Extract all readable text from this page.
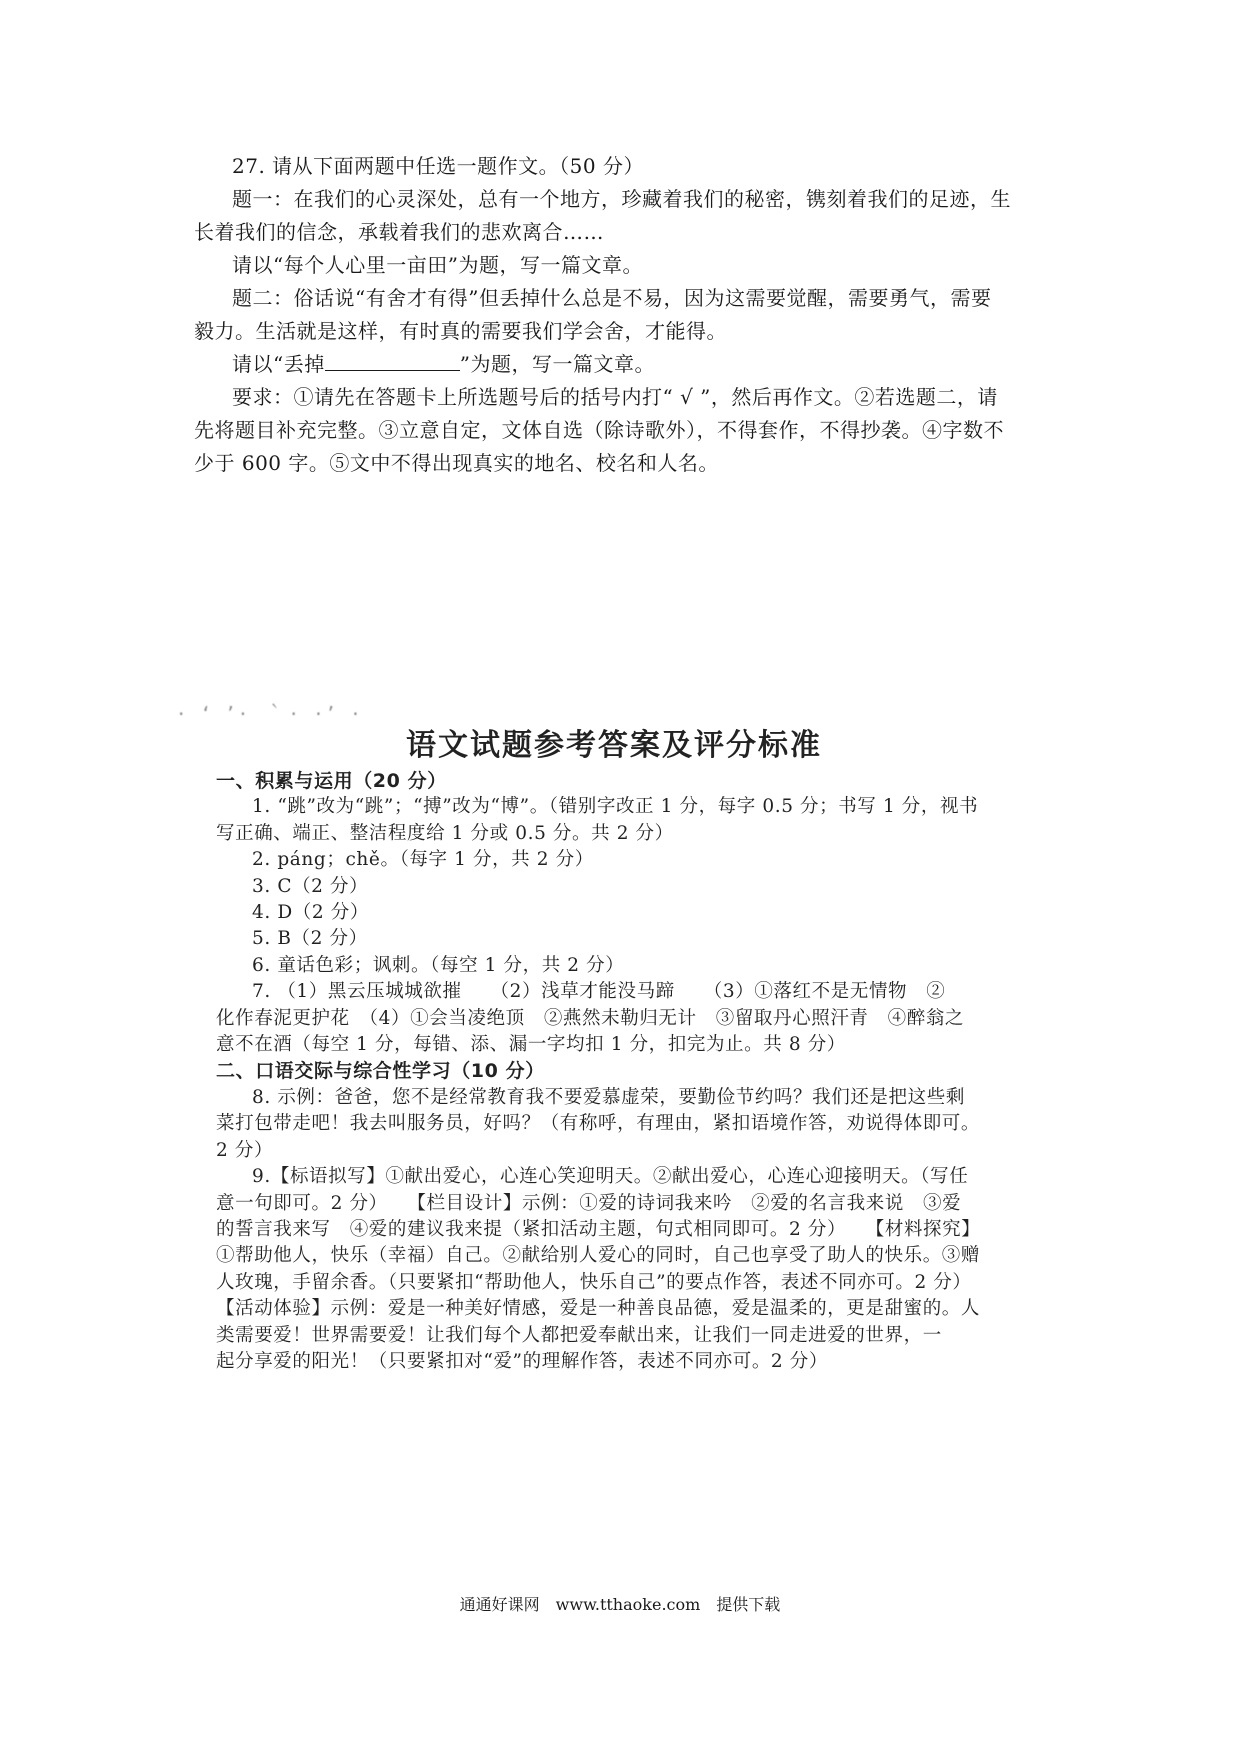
27. 请从下面两题中任选一题作文。（50 分）

题一：在我们的心灵深处，总有一个地方，珍藏着我们的秘密，镌刻着我们的足迹，生

长着我们的信念，承载着我们的悲欢离合……

请以“每个人心里一亩田”为题，写一篇文章。

题二：俗话说“有舍才有得”但丢掉什么总是不易，因为这需要觉醒，需要勇气，需要

毅力。生活就是这样，有时真的需要我们学会舍，才能得。

请以“丢掉	”为题，写一篇文章。

要求：①请先在答题卡上所选题号后的括号内打“ √ ”，然后再作文。②若选题二，请

先将题目补充完整。③立意自定，文体自选（除诗歌外），不得套作，不得抄袭。④字数不

少于 600 字。⑤文中不得出现真实的地名、校名和人名。

· ‘ ’· ｀· ·’ ·
语文试题参考答案及评分标准

一、积累与运用（20 分）

1. “跳”改为“跳”；“搏”改为“博”。（错别字改正 1 分，每字 0.5 分；书写 1 分，视书

写正确、端正、整洁程度给 1 分或 0.5 分。共 2 分）

2. páng；chě。（每字 1 分，共 2 分）

3. C（2 分）

4. D（2 分）

5. B（2 分）

6. 童话色彩；讽刺。（每空 1 分，共 2 分）

7. （1）黑云压城城欲摧　　（2）浅草才能没马蹄　　（3）①落红不是无情物　②

化作春泥更护花　（4）①会当凌绝顶　②燕然未勒归无计　③留取丹心照汗青　④醉翁之

意不在酒（每空 1 分，每错、添、漏一字均扣 1 分，扣完为止。共 8 分）

二、口语交际与综合性学习（10 分）

8. 示例：爸爸，您不是经常教育我不要爱慕虚荣，要勤俭节约吗？我们还是把这些剩

菜打包带走吧！我去叫服务员，好吗？（有称呼，有理由，紧扣语境作答，劝说得体即可。

2 分）

9.【标语拟写】①献出爱心，心连心笑迎明天。②献出爱心，心连心迎接明天。（写任

意一句即可。2 分）　　【栏目设计】示例：①爱的诗词我来吟　②爱的名言我来说　③爱

的誓言我来写　④爱的建议我来提（紧扣活动主题，句式相同即可。2 分）　　【材料探究】

①帮助他人，快乐（幸福）自己。②献给别人爱心的同时，自己也享受了助人的快乐。③赠

人玫瑰，手留余香。（只要紧扣“帮助他人，快乐自己”的要点作答，表述不同亦可。2 分）

【活动体验】示例：爱是一种美好情感，爱是一种善良品德，爱是温柔的，更是甜蜜的。人

类需要爱！世界需要爱！让我们每个人都把爱奉献出来，让我们一同走进爱的世界，一

起分享爱的阳光！（只要紧扣对“爱”的理解作答，表述不同亦可。2 分）

通通好课网　www.tthaoke.com　提供下载
